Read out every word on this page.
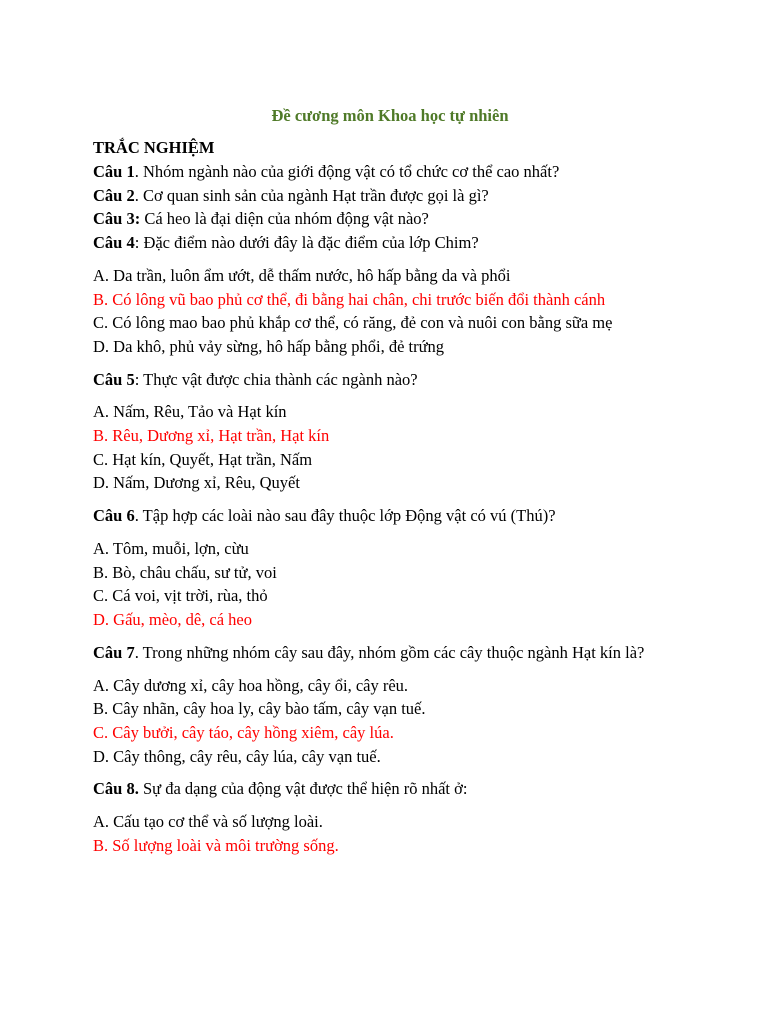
Đề cương môn Khoa học tự nhiên

TRẮC NGHIỆM

Câu 1. Nhóm ngành nào của giới động vật có tổ chức cơ thể cao nhất?

Câu 2. Cơ quan sinh sản của ngành Hạt trần được gọi là gì?

Câu 3: Cá heo là đại diện của nhóm động vật nào?

Câu 4: Đặc điểm nào dưới đây là đặc điểm của lớp Chim?

A. Da trần, luôn ẩm ướt, dễ thấm nước, hô hấp bằng da và phổi

B. Có lông vũ bao phủ cơ thể, đi bằng hai chân, chi trước biến đổi thành cánh

C. Có lông mao bao phủ khắp cơ thể, có răng, đẻ con và nuôi con bằng sữa mẹ

D. Da khô, phủ vảy sừng, hô hấp bằng phổi, đẻ trứng

Câu 5: Thực vật được chia thành các ngành nào?

A. Nấm, Rêu, Tảo và Hạt kín

B. Rêu, Dương xỉ, Hạt trần, Hạt kín

C. Hạt kín, Quyết, Hạt trần, Nấm

D. Nấm, Dương xỉ, Rêu, Quyết

Câu 6. Tập hợp các loài nào sau đây thuộc lớp Động vật có vú (Thú)?

A. Tôm, muỗi, lợn, cừu

B. Bò, châu chấu, sư tử, voi

C. Cá voi, vịt trời, rùa, thỏ

D. Gấu, mèo, dê, cá heo

Câu 7. Trong những nhóm cây sau đây, nhóm gồm các cây thuộc ngành Hạt kín là?

A. Cây dương xỉ, cây hoa hồng, cây ổi, cây rêu.

B. Cây nhãn, cây hoa ly, cây bào tấm, cây vạn tuế.

C. Cây bưởi, cây táo, cây hồng xiêm, cây lúa.

D. Cây thông, cây rêu, cây lúa, cây vạn tuế.

Câu 8. Sự đa dạng của động vật được thể hiện rõ nhất ở:

A. Cấu tạo cơ thể và số lượng loài.

B. Số lượng loài và môi trường sống.
